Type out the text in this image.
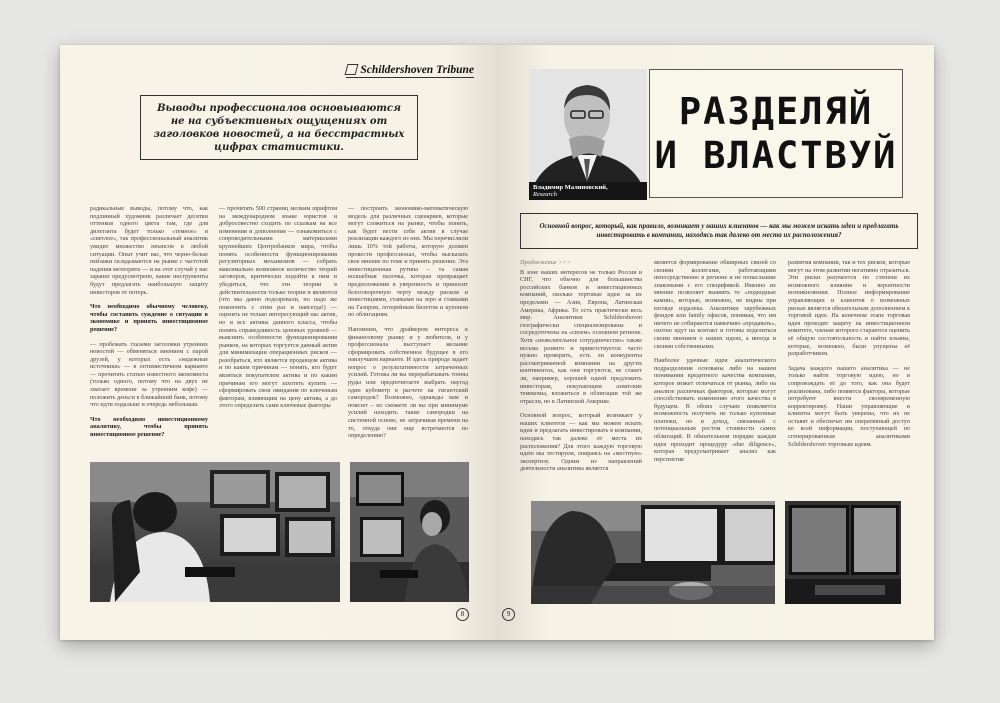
Schildershoven Tribune
Выводы профессионалов основываются не на субъективных ощущениях от заголовков новостей, а на бесстрастных цифрах статистики.

радикальные выводы, потому что, как подлинный художник различает десятки оттенков одного цвета там, где для дилетанта будет только «темное» и «светлое», так профессиональный аналитик увидит множество нюансов в любой ситуации. Опыт учит нас, что черно-белые пейзажи складываются на рынке с частотой падения метеорита — и на этот случай у нас заранее предусмотрено, какие инструменты будут предлагать наибольшую защиту инвесторов от потерь.

Что необходимо обычному человеку, чтобы составить суждение о ситуации в экономике и принять инвестиционное решение?

— пробежать глазами заголовки утренних новостей — обменяться мнением с парой друзей, у которых есть «надежные источники» — в оптимистичном варианте — прочитать статью известного экономиста (только одного, потому что на двух не хватает времени за утренним кофе) — положить деньги в ближайший банк, потому что идти подальше и очередь небольшая.

Что необходимо инвестиционному аналитику, чтобы принять инвестиционное решение?

— прочитать 500 страниц мелким шрифтом на международном языке юристов и добросовестно сходить по ссылкам на все изменения и дополнения — ознакомиться с сопроводительными материалами крупнейших Центробанков мира, чтобы понять особенности функционирования регуляторных механизмов — собрать максимально возможное количество теорий заговоров, критически подойти к ним и убедиться, что эти теории в действительности только теории и являются (что мы давно подозревали, но надо же покончить с этим раз и навсегда!) — оценить не только интересующий нас актив, но и все активы данного класса, чтобы понять справедливость ценовых уровней — выяснить особенности функционирования рынков, на которых торгуется данный актив для минимизации операционных рисков — разобраться, кто является продавцом актива и по каким причинам — понять, кто будет являться покупателем актива и по каким причинам его могут захотеть купить — сформировать свои ожидания по ключевым факторам, влияющим на цену актива, а до этого определить сами ключевые факторы

— построить экономико-математическую модель для различных сценариев, которые могут сложиться на рынке, чтобы понять, как будет вести себя актив в случае реализации каждого из них. Мы перечислили лишь 10% той работы, которую должен провести профессионал, чтобы высказать свое мнение по теме и принять решение. Эта инвестиционная рутина – та самая волшебная палочка, которая превращает предположения в уверенность и приносит безоговорочную черту между риском и инвестициями, ставками на зеро и ставками на Газпром, лотерейным билетом и купоном по облигациям.

Напомним, что драйвером интереса к финансовому рынку и у любителя, и у профессионала выступает желание сформировать собственное будущее в его наилучшем варианте. И здесь природа задает вопрос о результативности затраченных усилий. Готовы ли вы перерабатывать тонны руды или предпочитаете выбрать наугад один кубометр в расчете на гигантский самородок? Возможно, однажды вам и повезет – но сможете ли вы при минимуме усилий находить такие самородки на системной основе, не затрачивая времени на то, откуда они еще встречаются по определению?

8
Владимир Малиновский,
Research
РАЗДЕЛЯЙ
И ВЛАСТВУЙ
Основной вопрос, который, как правило, возникает у наших клиентов — как мы можем искать идеи и предлагать инвестировать в компании, находясь так далеко от места их расположения?

Продолжение >>>

В зоне наших интересов не только Россия и СНГ, что обычно для большинства российских банков и инвестиционных компаний, сколько торговые идеи за их пределами — Азия, Европа, Латинская Америка, Африка. То есть практически весь мир. Аналитики Schildershoven географически специализированы и сосредоточены на «своем» основном регионе. Хотя «нежелательное сотрудничество» также весьма развито и приветствуется: часто нужно проверить, есть ли конкуренты рассматриваемой компании на других континентах, как они торгуются, не станет ли, например, хорошей идеей предложить инвесторам, покупающим азиатские темекомы, вложиться в облигации той же отрасли, но в Латинской Америке.

Основной вопрос, который возникает у наших клиентов — как мы можем искать идеи и предлагать инвестировать в компании, находясь так далеко от места их расположения? Для этого каждую торговую идею мы тестируем, опираясь на «местную» экспертизу. Одним из направлений деятельности аналитика является

является формирование обширных связей со своими коллегами, работающими непосредственно в регионе и не понаслышке знакомыми с его спецификой. Именно их мнение позволяет выявить те «подводные камни», которые, возможно, не видны при взгляде издалека. Аналитики зарубежных фондов или family офисов, понимая, что им ничего не собираются навязчиво «продавать», охотно идут на контакт и готовы поделиться своим мнением о наших идеях, а иногда и своими собственными.

Наиболее удачные идеи аналитического подразделения основаны либо на нашем понимании кредитного качества компании, которое может отличаться от рынка, либо на анализе различных факторов, которые могут способствовать изменению этого качества в будущем. В обоих случаях появляется возможность получить не только купонные платежи, но и доход, связанный с потенциальным ростом стоимости самих облигаций. В обязательном порядке каждая идея проходит процедуру «due diligence», которая предусматривает анализ как перспектив

развития компании, так и тех рисков, которые могут на этом развитии негативно отразиться. Эти риски разумеется по степени их возможного влияния и вероятности возникновения. Полное информирование управляющих и клиентов о возможных рисках является обязательным дополнением к торговой идее. На конечном этапе торговая идея проходит защиту на инвестиционном комитете, членам которого стараются оценить её общую состоятельность и найти изъяны, которые, возможно, были упущены её разработчиком.

Задача каждого нашего аналитика — не только найти торговую идею, но и сопровождать её до того, как она будет реализована, либо появятся факторы, которые потребуют внести своевременную корректировку. Наши управляющие и клиенты могут быть уверены, что их не оставят и обеспечат им оперативный доступ ко всей информации, поступающей по сгенерированным аналитиками Schildershoven торговым идеям.

9
